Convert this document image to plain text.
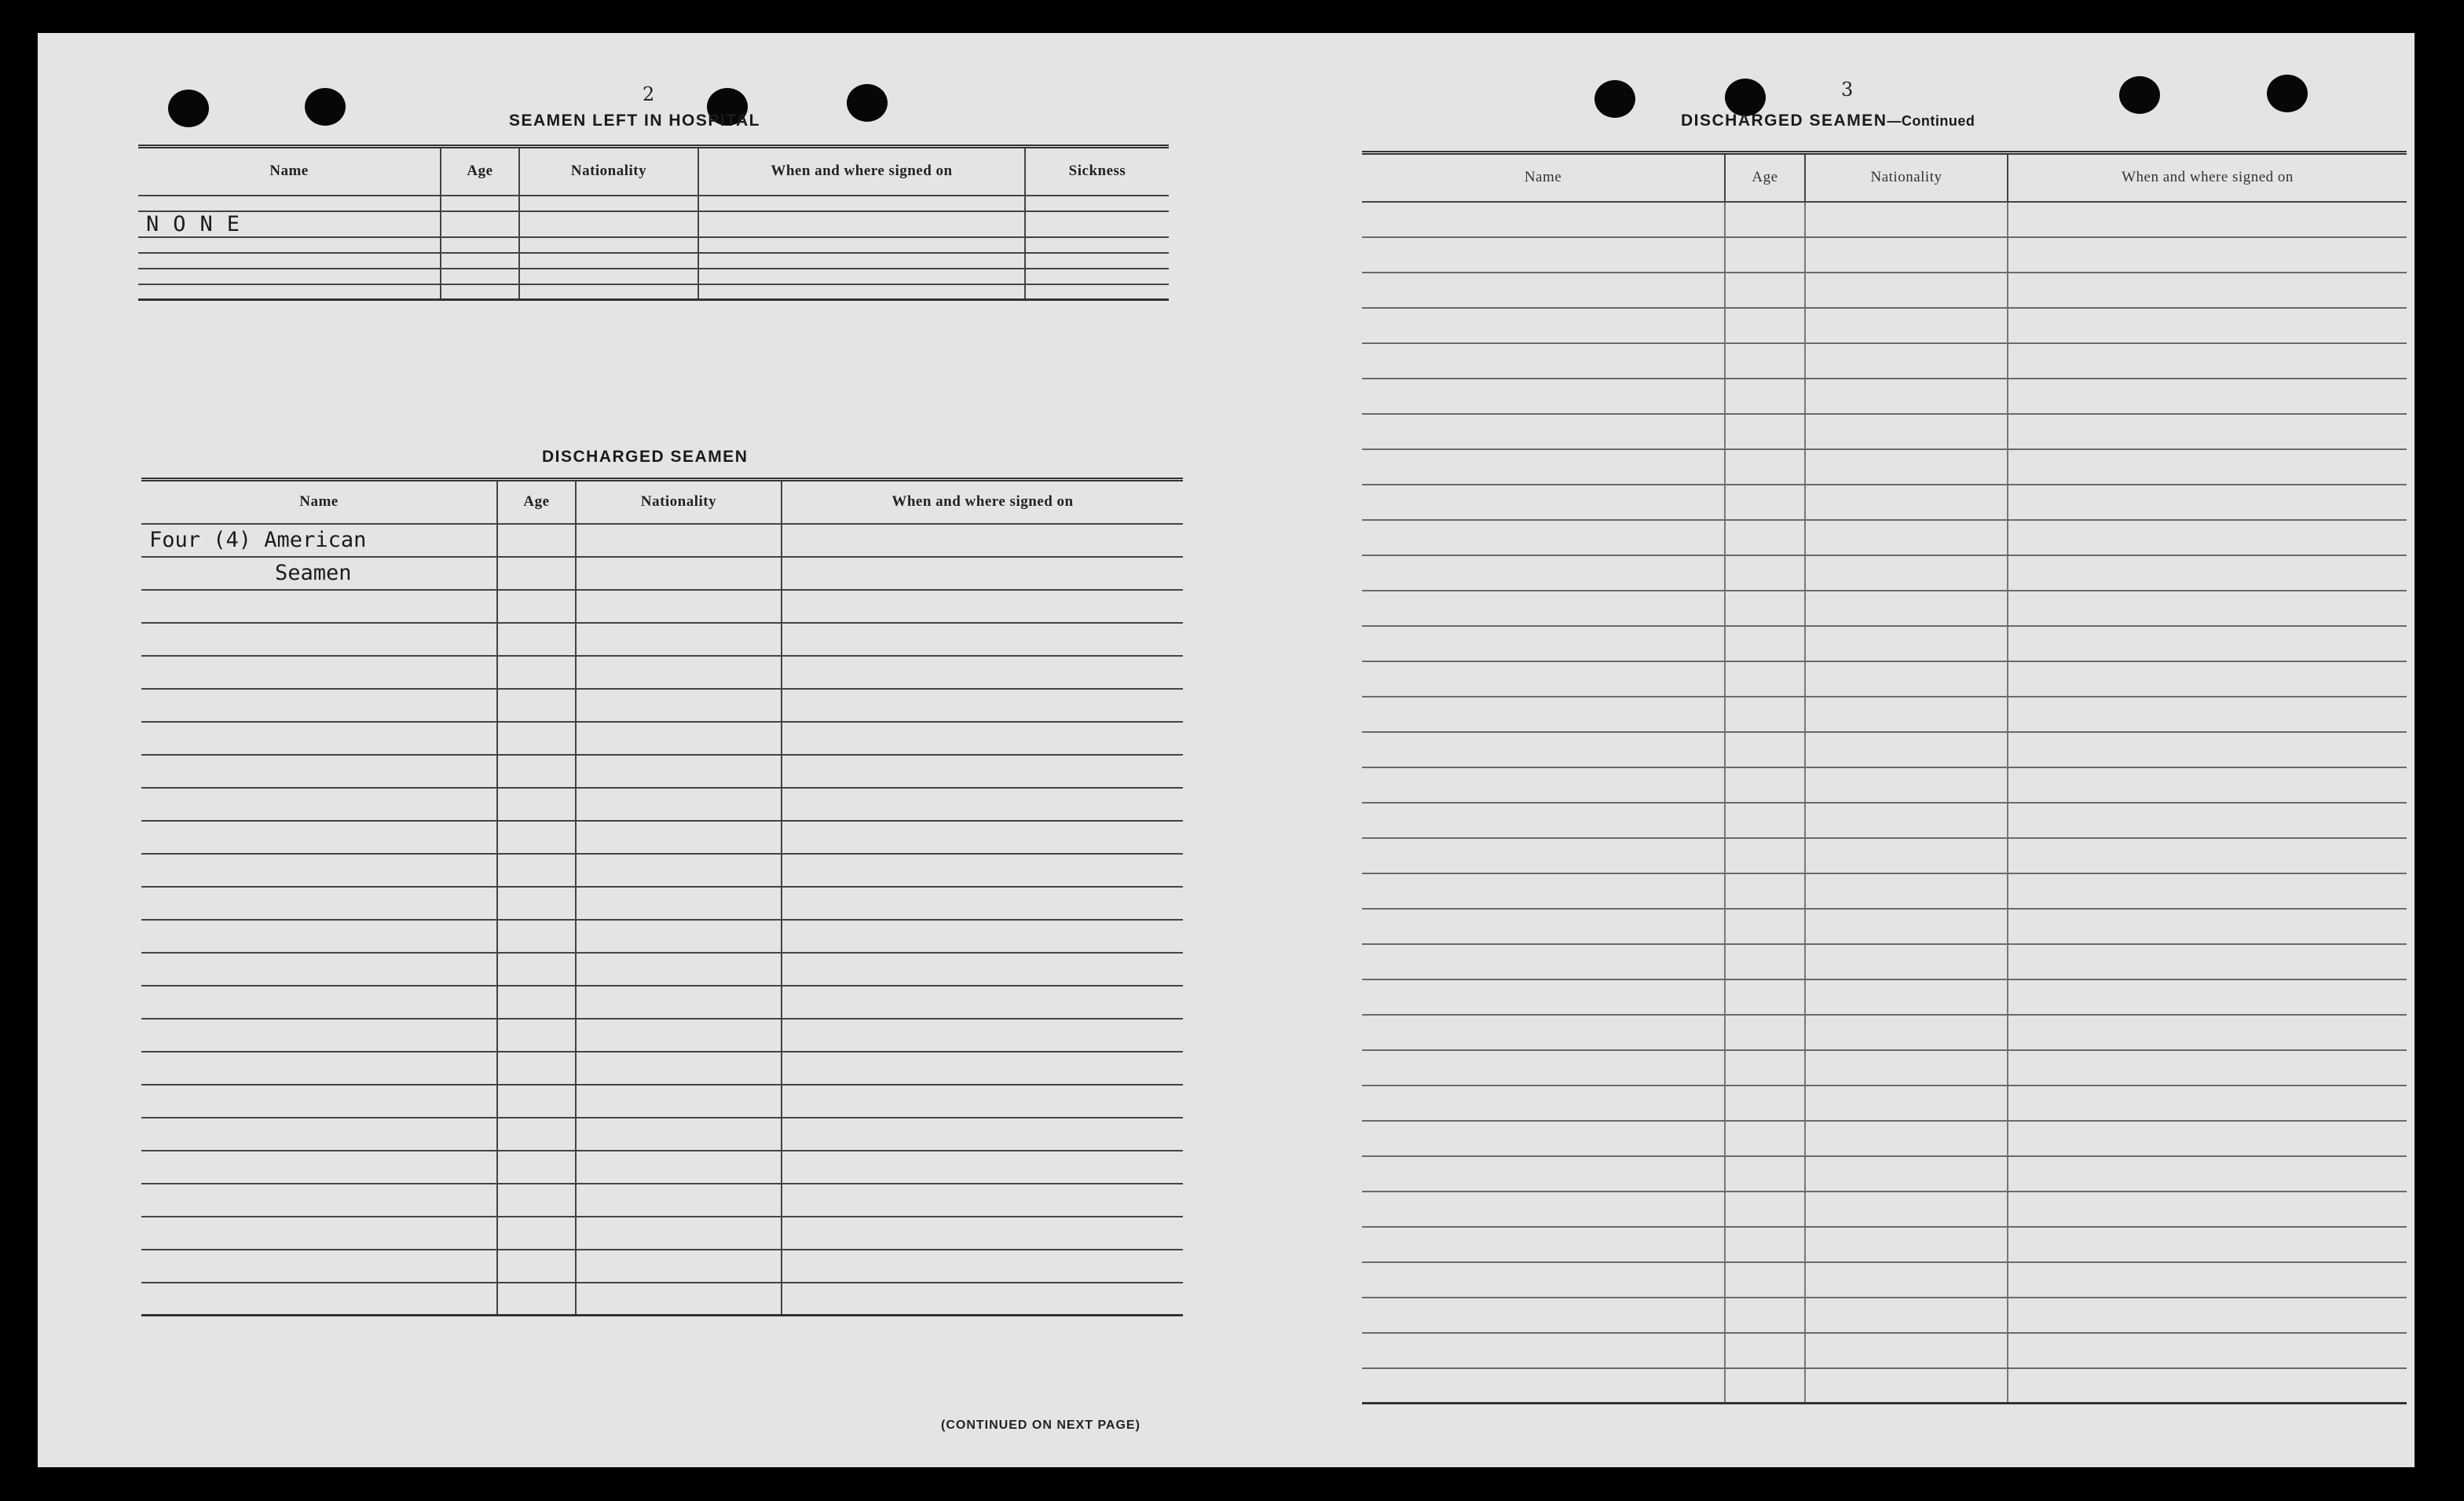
2
SEAMEN LEFT IN HOSPITAL
Name	Age	Nationality	When and where signed on	Sickness

NONE				

DISCHARGED SEAMEN
Name	Age	Nationality	When and where signed on
Four (4) American			
Seamen			

(CONTINUED ON NEXT PAGE)
3
DISCHARGED SEAMEN—Continued
Name	Age	Nationality	When and where signed on
